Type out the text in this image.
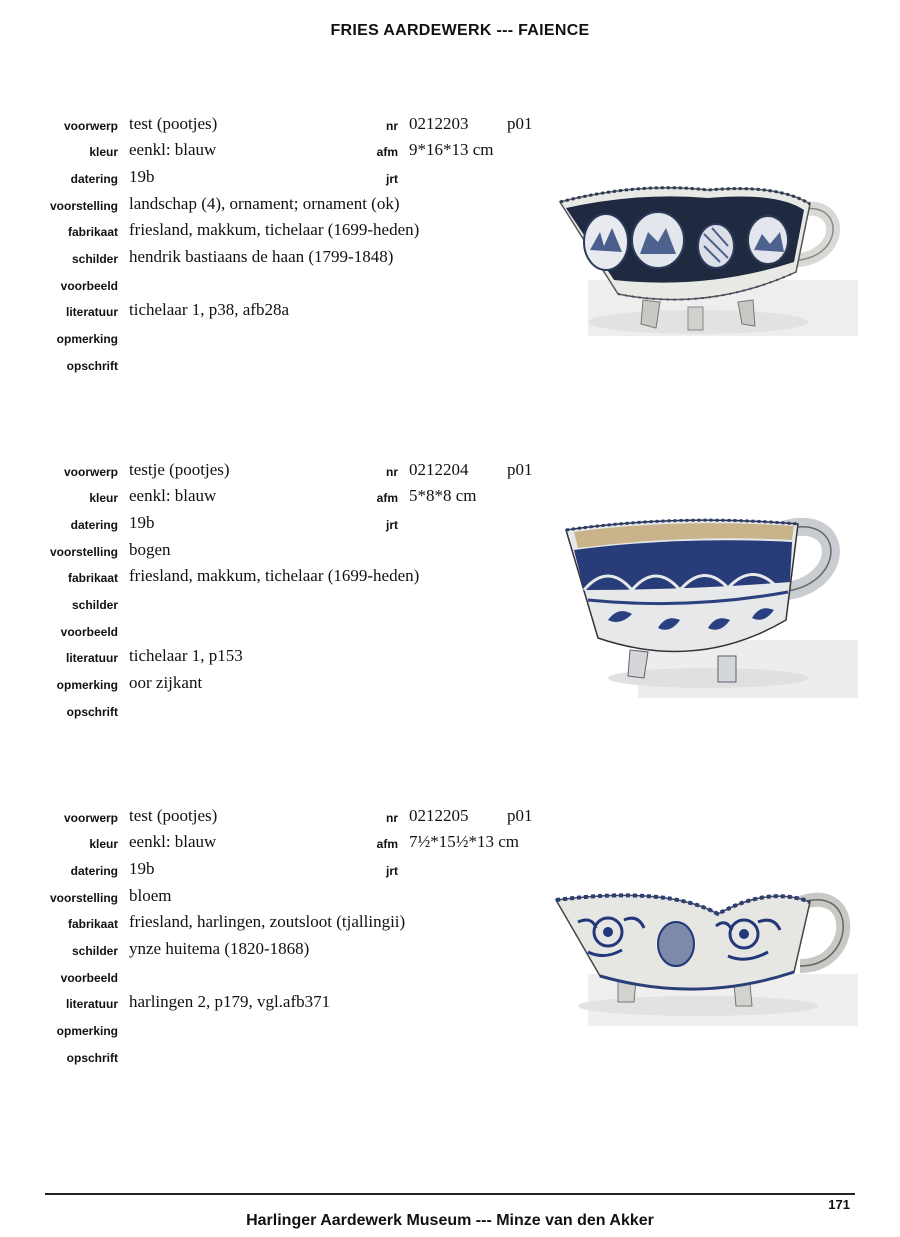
FRIES AARDEWERK --- FAIENCE
voorwerp test (pootjes)	nr 0212203 p01
kleur eenkl: blauw	afm 9*16*13 cm
datering 19b	jrt
voorstelling landschap (4), ornament; ornament (ok)
fabrikaat friesland, makkum, tichelaar (1699-heden)
schilder hendrik bastiaans de haan (1799-1848)
voorbeeld
literatuur tichelaar 1, p38, afb28a
opmerking
opschrift
voorwerp testje (pootjes)	nr 0212204 p01
kleur eenkl: blauw	afm 5*8*8 cm
datering 19b	jrt
voorstelling bogen
fabrikaat friesland, makkum, tichelaar (1699-heden)
schilder
voorbeeld
literatuur tichelaar 1, p153
opmerking oor zijkant
opschrift
voorwerp test (pootjes)	nr 0212205 p01
kleur eenkl: blauw	afm 7½*15½*13 cm
datering 19b	jrt
voorstelling bloem
fabrikaat friesland, harlingen, zoutsloot (tjallingii)
schilder ynze huitema (1820-1868)
voorbeeld
literatuur harlingen 2, p179, vgl.afb371
opmerking
opschrift
171
Harlinger Aardewerk Museum --- Minze van den Akker
